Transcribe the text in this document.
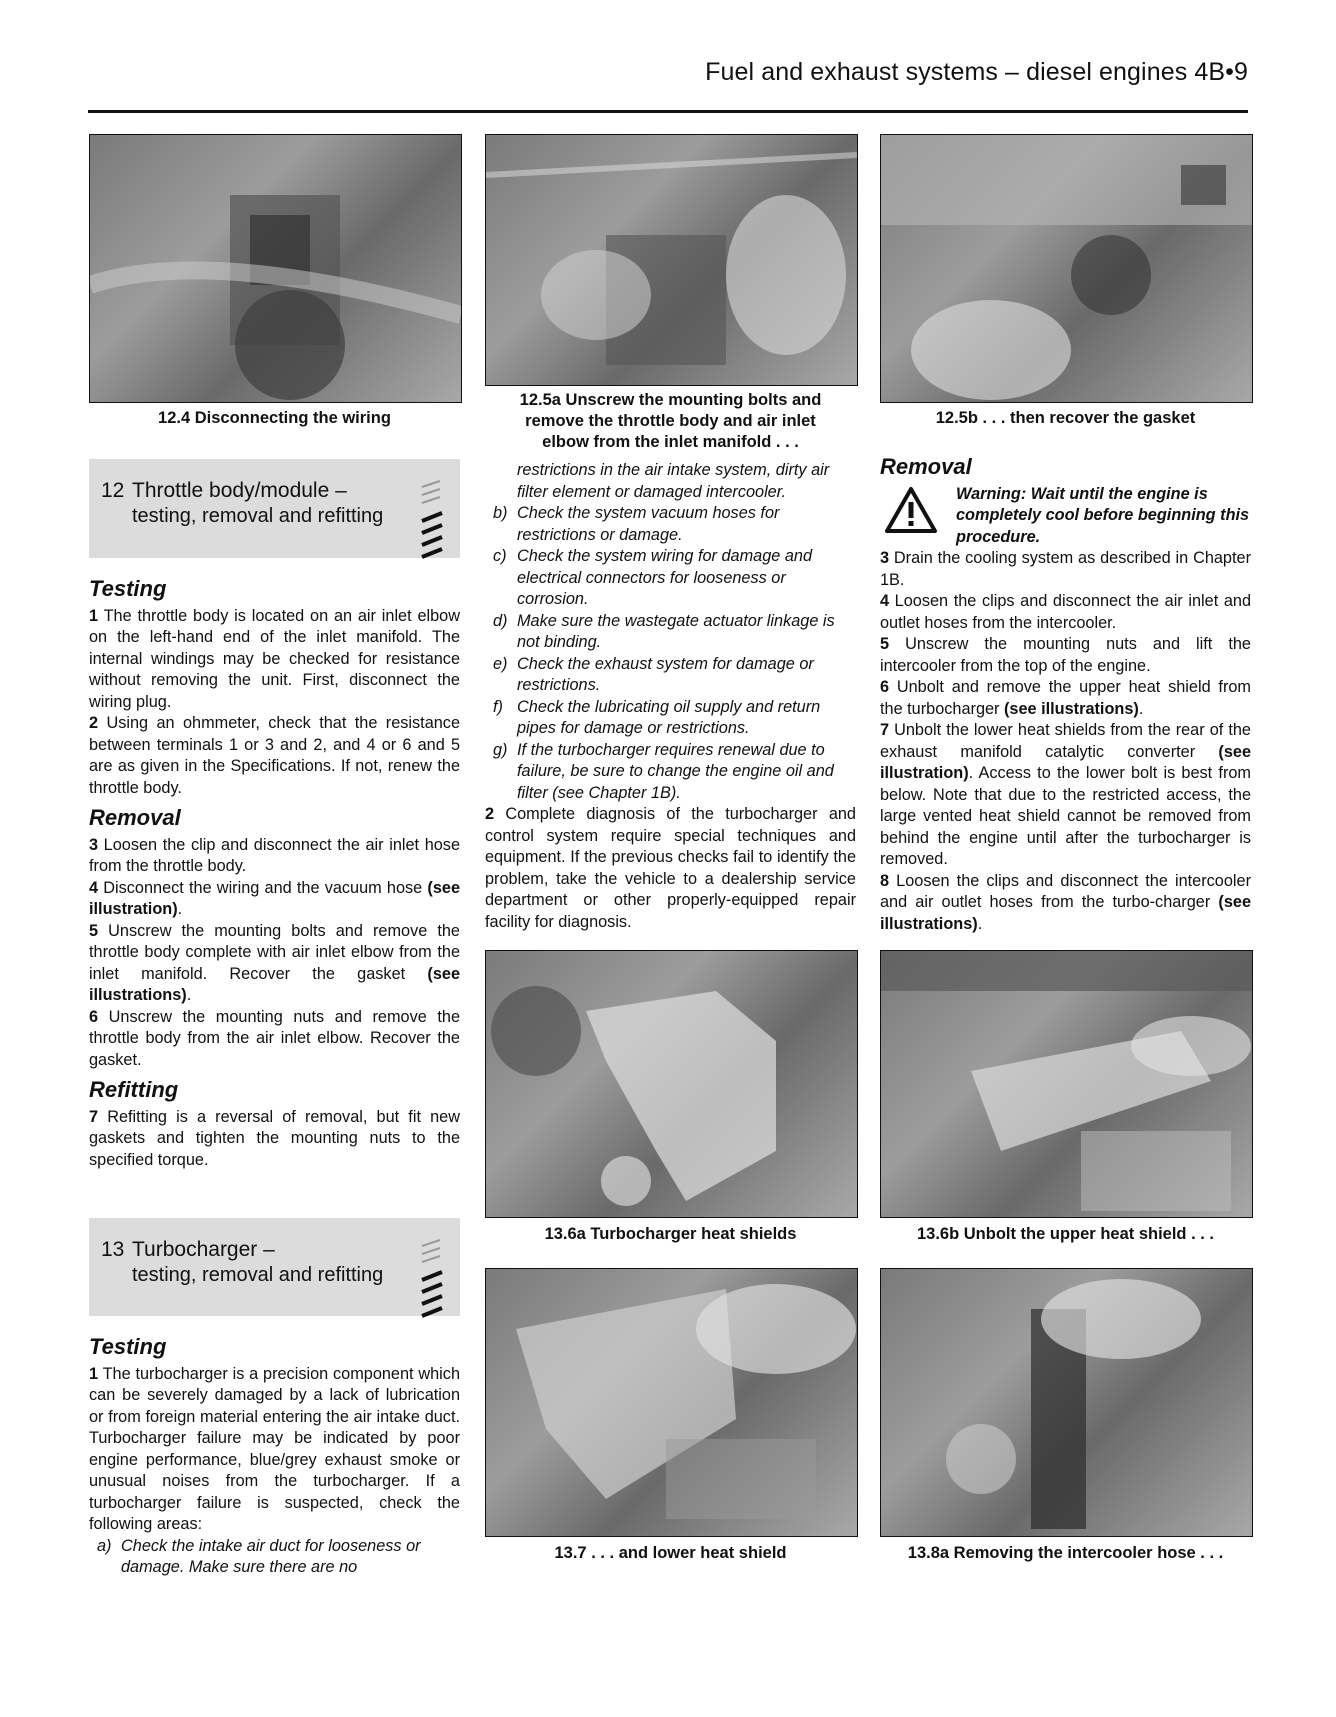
Fuel and exhaust systems – diesel engines 4B•9
12.4 Disconnecting the wiring
12.5a Unscrew the mounting bolts and
remove the throttle body and air inlet
elbow from the inlet manifold . . .
12.5b . . . then recover the gasket
12 Throttle body/module –
testing, removal and refitting

Testing

1 The throttle body is located on an air inlet elbow on the left-hand end of the inlet manifold. The internal windings may be checked for resistance without removing the unit. First, disconnect the wiring plug.

2 Using an ohmmeter, check that the resistance between terminals 1 or 3 and 2, and 4 or 6 and 5 are as given in the Specifications. If not, renew the throttle body.

Removal

3 Loosen the clip and disconnect the air inlet hose from the throttle body.

4 Disconnect the wiring and the vacuum hose (see illustration).

5 Unscrew the mounting bolts and remove the throttle body complete with air inlet elbow from the inlet manifold. Recover the gasket (see illustrations).

6 Unscrew the mounting nuts and remove the throttle body from the air inlet elbow. Recover the gasket.

Refitting

7 Refitting is a reversal of removal, but fit new gaskets and tighten the mounting nuts to the specified torque.

13 Turbocharger –
testing, removal and refitting

Testing

1 The turbocharger is a precision component which can be severely damaged by a lack of lubrication or from foreign material entering the air intake duct. Turbocharger failure may be indicated by poor engine performance, blue/grey exhaust smoke or unusual noises from the turbocharger. If a turbocharger failure is suspected, check the following areas:

a) Check the intake air duct for looseness or damage. Make sure there are no
restrictions in the air intake system, dirty air filter element or damaged intercooler.
b) Check the system vacuum hoses for restrictions or damage.
c) Check the system wiring for damage and electrical connectors for looseness or corrosion.
d) Make sure the wastegate actuator linkage is not binding.
e) Check the exhaust system for damage or restrictions.
f) Check the lubricating oil supply and return pipes for damage or restrictions.
g) If the turbocharger requires renewal due to failure, be sure to change the engine oil and filter (see Chapter 1B).

2 Complete diagnosis of the turbocharger and control system require special techniques and equipment. If the previous checks fail to identify the problem, take the vehicle to a dealership service department or other properly-equipped repair facility for diagnosis.

Removal

Warning: Wait until the engine is completely cool before beginning this procedure.

3 Drain the cooling system as described in Chapter 1B.

4 Loosen the clips and disconnect the air inlet and outlet hoses from the intercooler.

5 Unscrew the mounting nuts and lift the intercooler from the top of the engine.

6 Unbolt and remove the upper heat shield from the turbocharger (see illustrations).

7 Unbolt the lower heat shields from the rear of the exhaust manifold catalytic converter (see illustration). Access to the lower bolt is best from below. Note that due to the restricted access, the large vented heat shield cannot be removed from behind the engine until after the turbocharger is removed.

8 Loosen the clips and disconnect the intercooler and air outlet hoses from the turbo-charger (see illustrations).

13.6a Turbocharger heat shields	13.6b Unbolt the upper heat shield . . .
13.7 . . . and lower heat shield	13.8a Removing the intercooler hose . . .
